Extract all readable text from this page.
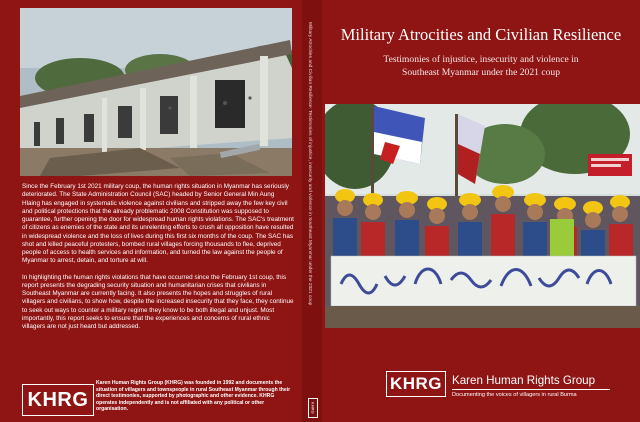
Since the February 1st 2021 military coup, the human rights situation in Myanmar has seriously deteriorated. The State Administration Council (SAC) headed by Senior General Min Aung Hlaing has engaged in systematic violence against civilians and stripped away the few key civil and political protections that the already problematic 2008 Constitution was supposed to guarantee, further opening the door for widespread human rights violations. The SAC's treatment of citizens as enemies of the state and its unrelenting efforts to crush all opposition have resulted in widespread violence and the loss of lives during this first six months of the coup. The SAC has shot and killed peaceful protesters, bombed rural villages forcing thousands to flee, deprived people of access to health services and information, and turned the law against the people of Myanmar to arrest, detain, and torture at will.

In highlighting the human rights violations that have occurred since the February 1st coup, this report presents the degrading security situation and humanitarian crises that civilians in Southeast Myanmar are currently facing. It also presents the hopes and struggles of rural villagers and civilians, to show how, despite the increased insecurity that they face, they continue to seek out ways to counter a military regime they know to be both illegal and unjust. Most importantly, this report seeks to ensure that the experiences and concerns of rural ethnic villagers are not just heard but addressed.

KHRG
Karen Human Rights Group (KHRG) was founded in 1992 and documents the situation of villagers and townspeople in rural Southeast Myanmar through their direct testimonies, supported by photographic and other evidence. KHRG operates independently and is not affiliated with any political or other organisation.
Military Atrocities and Civilian Resilience: Testimonies of injustice, insecurity and violence in Southeast Myanmar under the 2021 coup
KHRG
Military Atrocities and Civilian Resilience
Testimonies of injustice, insecurity and violence in
Southeast Myanmar under the 2021 coup
KHRG Karen Human Rights Group
Documenting the voices of villagers in rural Burma
